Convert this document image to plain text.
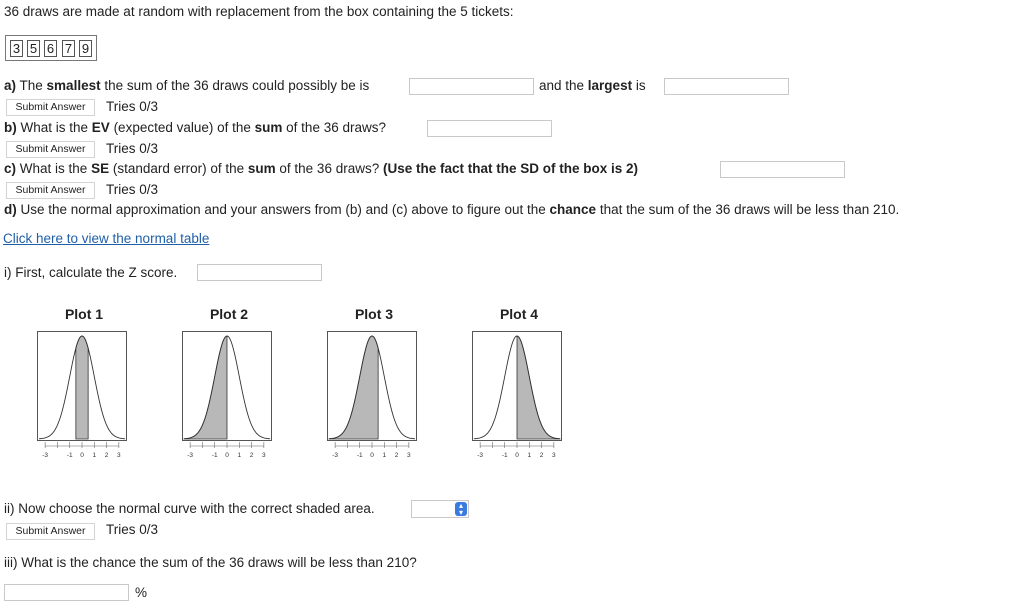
36 draws are made at random with replacement from the box containing the 5 tickets:
3 5 6 7 9
a) The smallest the sum of the 36 draws could possibly be is	and the largest is
Submit Answer	Tries 0/3
b) What is the EV (expected value) of the sum of the 36 draws?
Submit Answer	Tries 0/3
c) What is the SE (standard error) of the sum of the 36 draws? (Use the fact that the SD of the box is 2)
Submit Answer	Tries 0/3
d) Use the normal approximation and your answers from (b) and (c) above to figure out the chance that the sum of the 36 draws will be less than 210.
Click here to view the normal table
i) First, calculate the Z score.
Plot 1	Plot 2	Plot 3	Plot 4
-3	-1 0 1 2 3	-3	-1 0 1 2 3	-3	-1 0 1 2 3	-3	-1 0 1 2 3
ii) Now choose the normal curve with the correct shaded area.	▴
▾
Submit Answer	Tries 0/3
iii) What is the chance the sum of the 36 draws will be less than 210?
%
